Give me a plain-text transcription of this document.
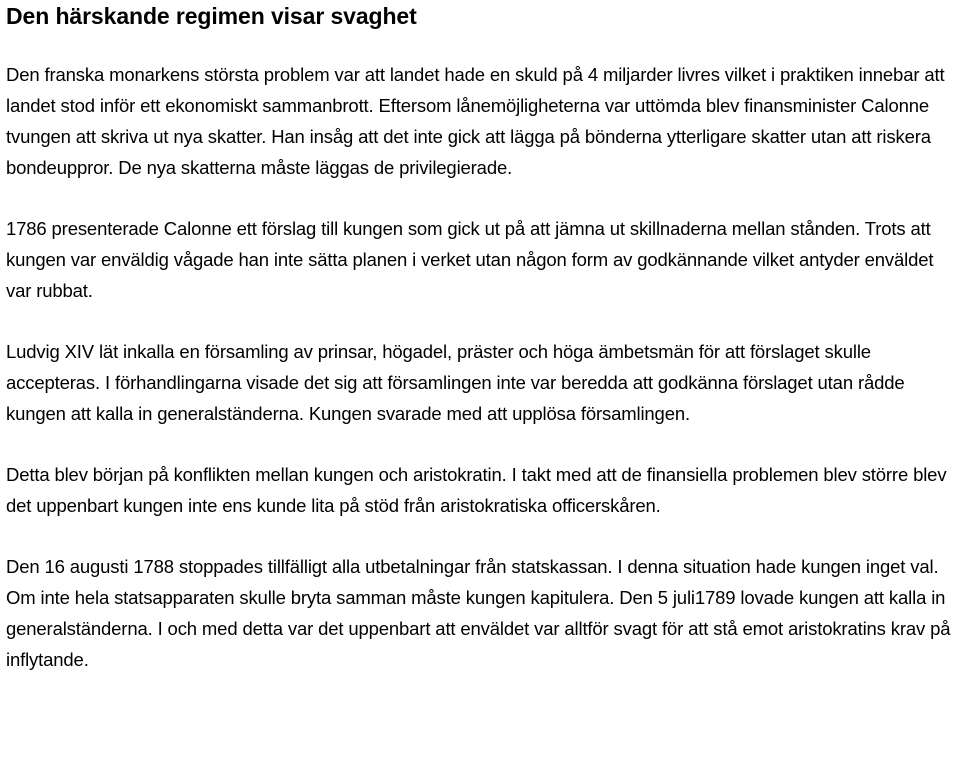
Den härskande regimen visar svaghet

Den franska monarkens största problem var att landet hade en skuld på 4 miljarder livres vilket i praktiken innebar att landet stod inför ett ekonomiskt sammanbrott. Eftersom lånemöjligheterna var uttömda blev finansminister Calonne tvungen att skriva ut nya skatter. Han insåg att det inte gick att lägga på bönderna ytterligare skatter utan att riskera bondeuppror. De nya skatterna måste läggas de privilegierade.

1786 presenterade Calonne ett förslag till kungen som gick ut på att jämna ut skillnaderna mellan stånden. Trots att kungen var enväldig vågade han inte sätta planen i verket utan någon form av godkännande vilket antyder enväldet var rubbat.

Ludvig XIV lät inkalla en församling av prinsar, högadel, präster och höga ämbetsmän för att förslaget skulle accepteras. I förhandlingarna visade det sig att församlingen inte var beredda att godkänna förslaget utan rådde kungen att kalla in generalständerna. Kungen svarade med att upplösa församlingen.

Detta blev början på konflikten mellan kungen och aristokratin. I takt med att de finansiella problemen blev större blev det uppenbart kungen inte ens kunde lita på stöd från aristokratiska officerskåren.

Den 16 augusti 1788 stoppades tillfälligt alla utbetalningar från statskassan. I denna situation hade kungen inget val. Om inte hela statsapparaten skulle bryta samman måste kungen kapitulera. Den 5 juli1789 lovade kungen att kalla in generalständerna. I och med detta var det uppenbart att enväldet var alltför svagt för att stå emot aristokratins krav på inflytande.
